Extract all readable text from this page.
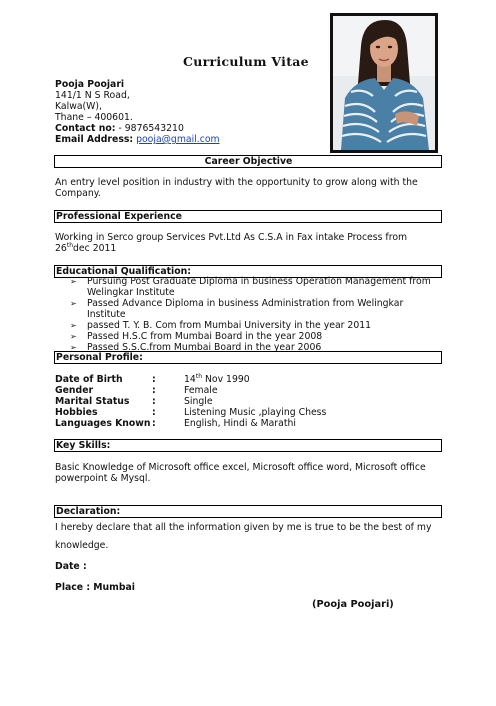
Curriculum Vitae
Pooja Poojari
141/1 N S Road,
Kalwa(W),
Thane – 400601.
Contact no: - 9876543210
Email Address: pooja@gmail.com
Career Objective
An entry level position in industry with the opportunity to grow along with the Company.
Professional Experience
Working in Serco group Services Pvt.Ltd As C.S.A in Fax intake Process from 26thdec 2011
Educational Qualification:
➢ Pursuing Post Graduate Diploma in business Operation Management from Welingkar Institute
➢ Passed Advance Diploma in business Administration from Welingkar Institute
➢ passed T. Y. B. Com from Mumbai University in the year 2011
➢ Passed H.S.C from Mumbai Board in the year 2008
➢ Passed S.S.C.from Mumbai Board in the year 2006
Personal Profile:
Date of Birth	:	14th Nov 1990
Gender	:	Female
Marital Status :	Single
Hobbies	:	Listening Music ,playing Chess
Languages Known :	English, Hindi & Marathi
Key Skills:
Basic Knowledge of Microsoft office excel, Microsoft office word, Microsoft office powerpoint & Mysql.
Declaration:
I hereby declare that all the information given by me is true to be the best of my
knowledge.
Date :
Place : Mumbai
(Pooja Poojari)
